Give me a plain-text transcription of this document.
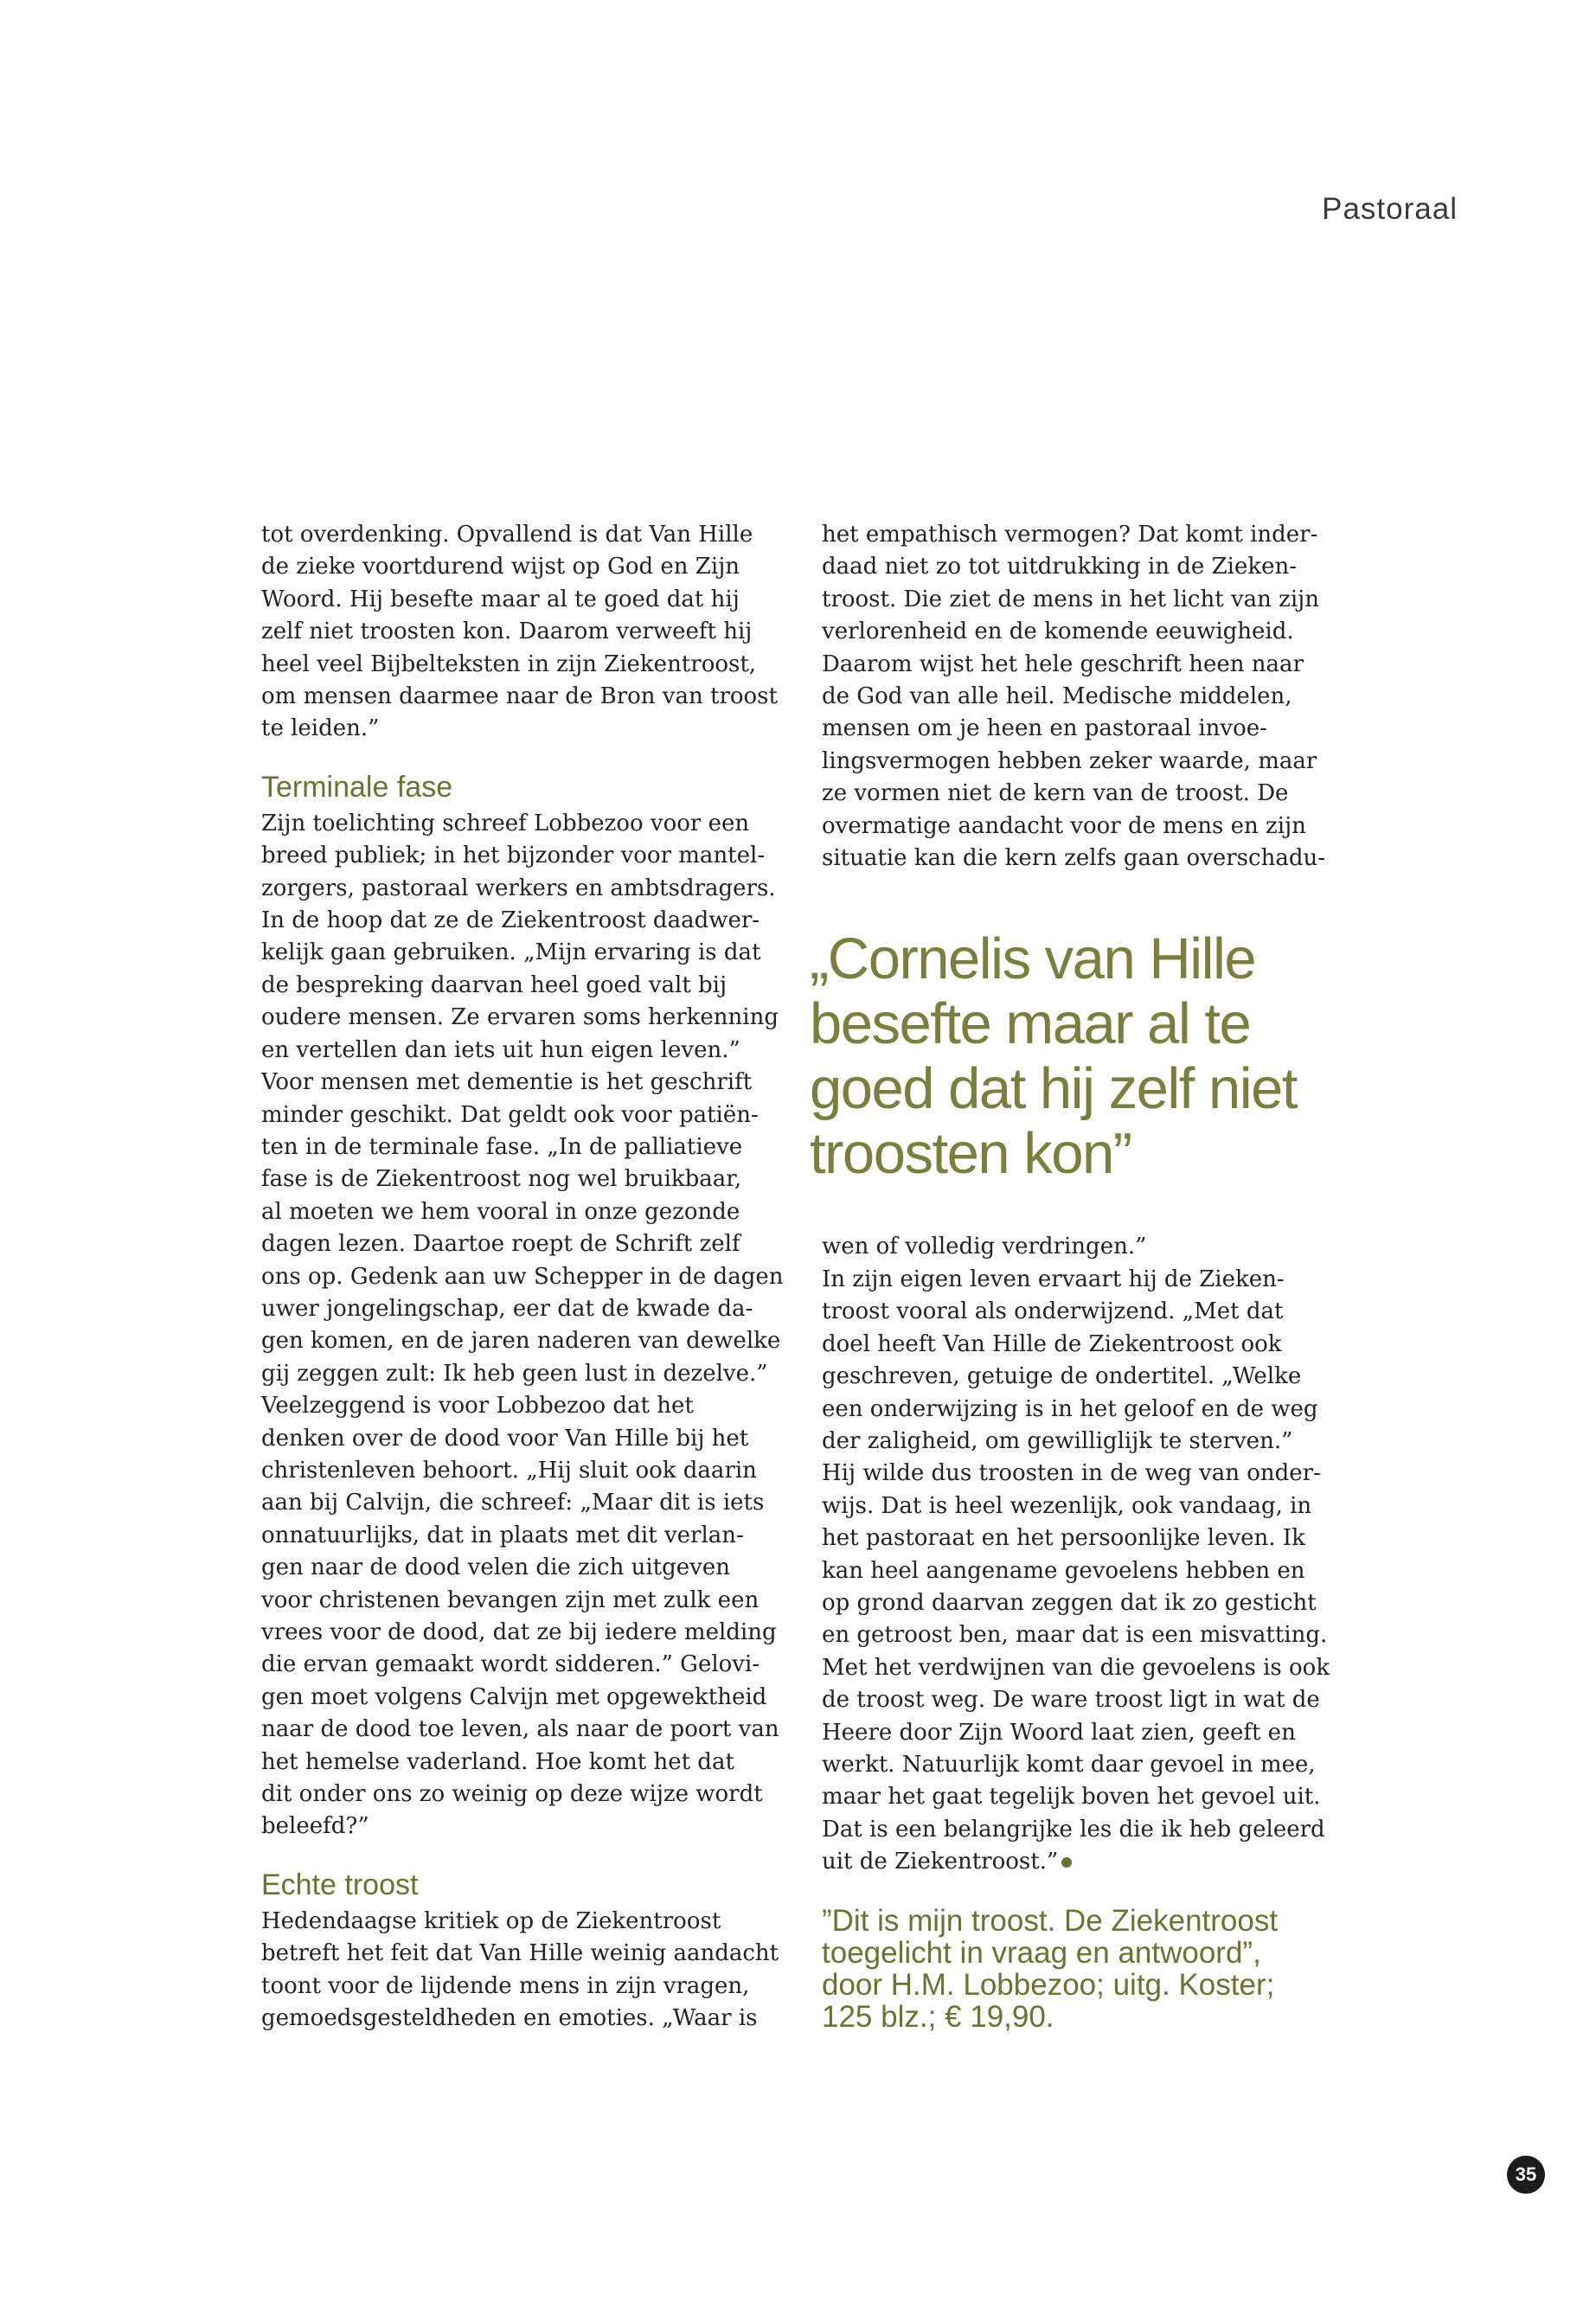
Pastoraal

tot overdenking. Opvallend is dat Van Hille
de zieke voortdurend wijst op God en Zijn
Woord. Hij besefte maar al te goed dat hij
zelf niet troosten kon. Daarom verweeft hij
heel veel Bijbelteksten in zijn Ziekentroost,
om mensen daarmee naar de Bron van troost
te leiden.”

Terminale fase

Zijn toelichting schreef Lobbezoo voor een
breed publiek; in het bijzonder voor mantel-
zorgers, pastoraal werkers en ambtsdragers.
In de hoop dat ze de Ziekentroost daadwer-
kelijk gaan gebruiken. „Mijn ervaring is dat
de bespreking daarvan heel goed valt bij
oudere mensen. Ze ervaren soms herkenning
en vertellen dan iets uit hun eigen leven.”
Voor mensen met dementie is het geschrift
minder geschikt. Dat geldt ook voor patiën-
ten in de terminale fase. „In de palliatieve
fase is de Ziekentroost nog wel bruikbaar,
al moeten we hem vooral in onze gezonde
dagen lezen. Daartoe roept de Schrift zelf
ons op. Gedenk aan uw Schepper in de dagen
uwer jongelingschap, eer dat de kwade da-
gen komen, en de jaren naderen van dewelke
gij zeggen zult: Ik heb geen lust in dezelve.”
Veelzeggend is voor Lobbezoo dat het
denken over de dood voor Van Hille bij het
christenleven behoort. „Hij sluit ook daarin
aan bij Calvijn, die schreef: „Maar dit is iets
onnatuurlijks, dat in plaats met dit verlan-
gen naar de dood velen die zich uitgeven
voor christenen bevangen zijn met zulk een
vrees voor de dood, dat ze bij iedere melding
die ervan gemaakt wordt sidderen.” Gelovi-
gen moet volgens Calvijn met opgewektheid
naar de dood toe leven, als naar de poort van
het hemelse vaderland. Hoe komt het dat
dit onder ons zo weinig op deze wijze wordt
beleefd?”

Echte troost

Hedendaagse kritiek op de Ziekentroost
betreft het feit dat Van Hille weinig aandacht
toont voor de lijdende mens in zijn vragen,
gemoedsgesteldheden en emoties. „Waar is

het empathisch vermogen? Dat komt inder-
daad niet zo tot uitdrukking in de Zieken-
troost. Die ziet de mens in het licht van zijn
verlorenheid en de komende eeuwigheid.
Daarom wijst het hele geschrift heen naar
de God van alle heil. Medische middelen,
mensen om je heen en pastoraal invoe-
lingsvermogen hebben zeker waarde, maar
ze vormen niet de kern van de troost. De
overmatige aandacht voor de mens en zijn
situatie kan die kern zelfs gaan overschadu-

„Cornelis van Hille
besefte maar al te
goed dat hij zelf niet
troosten kon”

wen of volledig verdringen.”
In zijn eigen leven ervaart hij de Zieken-
troost vooral als onderwijzend. „Met dat
doel heeft Van Hille de Ziekentroost ook
geschreven, getuige de ondertitel. „Welke
een onderwijzing is in het geloof en de weg
der zaligheid, om gewilliglijk te sterven.”
Hij wilde dus troosten in de weg van onder-
wijs. Dat is heel wezenlijk, ook vandaag, in
het pastoraat en het persoonlijke leven. Ik
kan heel aangename gevoelens hebben en
op grond daarvan zeggen dat ik zo gesticht
en getroost ben, maar dat is een misvatting.
Met het verdwijnen van die gevoelens is ook
de troost weg. De ware troost ligt in wat de
Heere door Zijn Woord laat zien, geeft en
werkt. Natuurlijk komt daar gevoel in mee,
maar het gaat tegelijk boven het gevoel uit.
Dat is een belangrijke les die ik heb geleerd
uit de Ziekentroost.”

”Dit is mijn troost. De Ziekentroost
toegelicht in vraag en antwoord”,
door H.M. Lobbezoo; uitg. Koster;
125 blz.; € 19,90.

35
